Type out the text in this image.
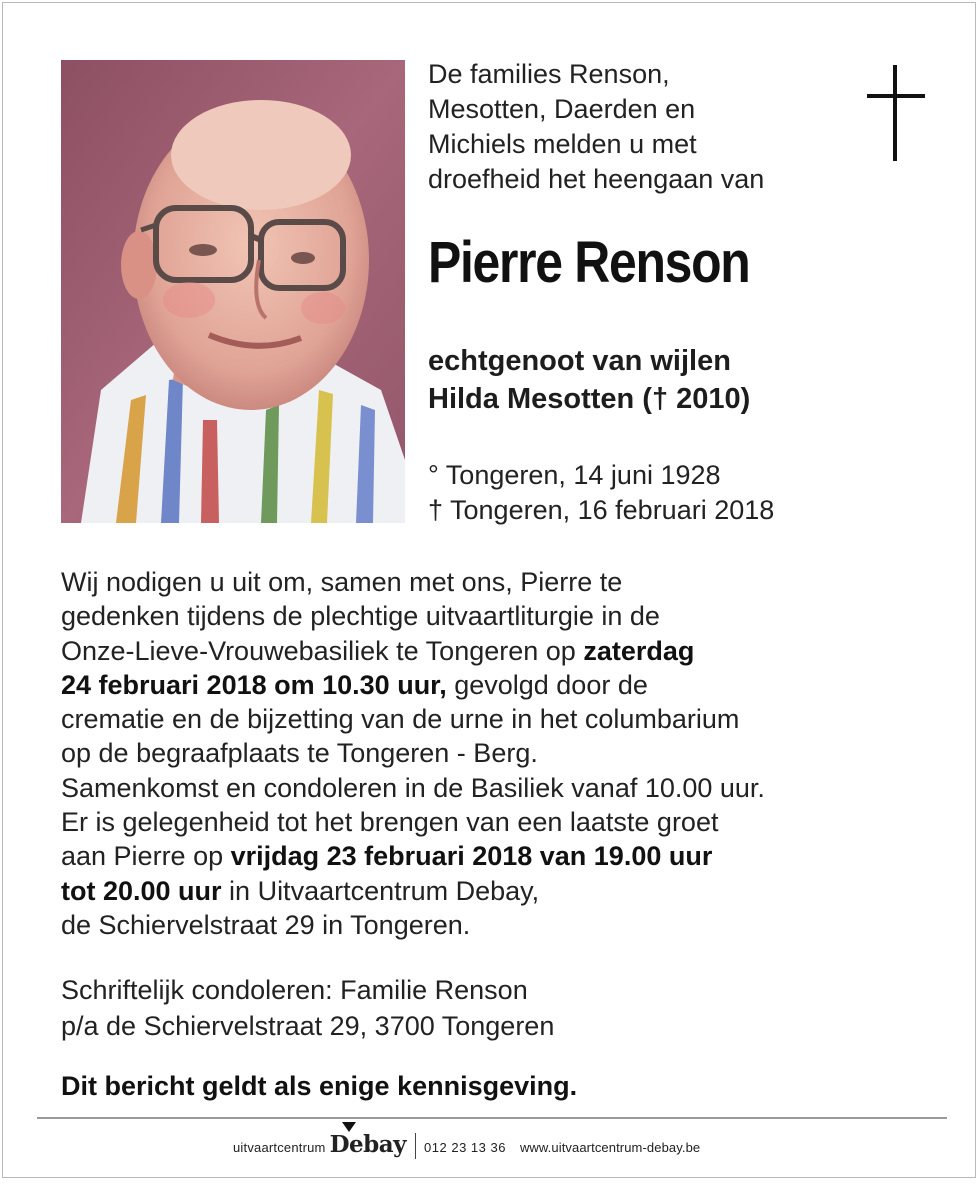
De families Renson,
Mesotten, Daerden en
Michiels melden u met
droefheid het heengaan van
Pierre Renson
echtgenoot van wijlen
Hilda Mesotten († 2010)
° Tongeren, 14 juni 1928
† Tongeren, 16 februari 2018
Wij nodigen u uit om, samen met ons, Pierre te
gedenken tijdens de plechtige uitvaartliturgie in de
Onze-Lieve-Vrouwebasiliek te Tongeren op zaterdag
24 februari 2018 om 10.30 uur, gevolgd door de
crematie en de bijzetting van de urne in het columbarium
op de begraafplaats te Tongeren - Berg.
Samenkomst en condoleren in de Basiliek vanaf 10.00 uur.
Er is gelegenheid tot het brengen van een laatste groet
aan Pierre op vrijdag 23 februari 2018 van 19.00 uur
tot 20.00 uur in Uitvaartcentrum Debay,
de Schiervelstraat 29 in Tongeren.
Schriftelijk condoleren: Familie Renson
p/a de Schiervelstraat 29, 3700 Tongeren
Dit bericht geldt als enige kennisgeving.
uitvaartcentrum Debay 012 23 13 36 www.uitvaartcentrum-debay.be
